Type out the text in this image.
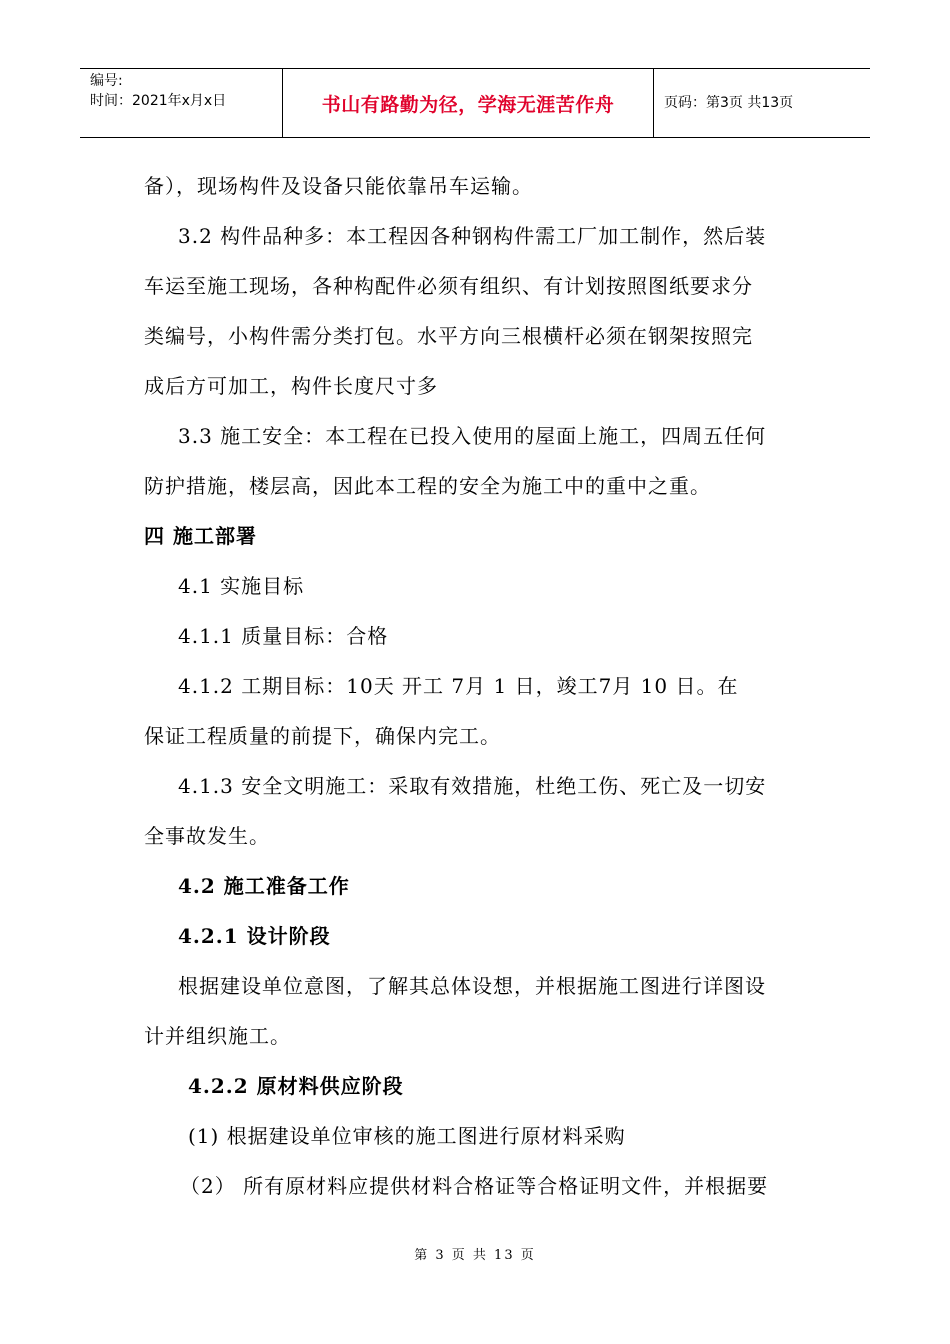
编号:
时间：2021年x月x日	书山有路勤为径，学海无涯苦作舟	页码：第3页 共13页
备），现场构件及设备只能依靠吊车运输。
3.2 构件品种多：本工程因各种钢构件需工厂加工制作，然后装
车运至施工现场，各种构配件必须有组织、有计划按照图纸要求分
类编号，小构件需分类打包。水平方向三根横杆必须在钢架按照完
成后方可加工，构件长度尺寸多
3.3 施工安全：本工程在已投入使用的屋面上施工，四周五任何
防护措施，楼层高，因此本工程的安全为施工中的重中之重。
四 施工部署
4.1 实施目标
4.1.1 质量目标：合格
4.1.2 工期目标：10天 开工 7月 1 日，竣工7月 10 日。在
保证工程质量的前提下，确保内完工。
4.1.3 安全文明施工：采取有效措施，杜绝工伤、死亡及一切安
全事故发生。
4.2 施工准备工作
4.2.1 设计阶段
根据建设单位意图，了解其总体设想，并根据施工图进行详图设
计并组织施工。
4.2.2 原材料供应阶段
(1) 根据建设单位审核的施工图进行原材料采购
（2） 所有原材料应提供材料合格证等合格证明文件，并根据要
第 3 页 共 13 页
